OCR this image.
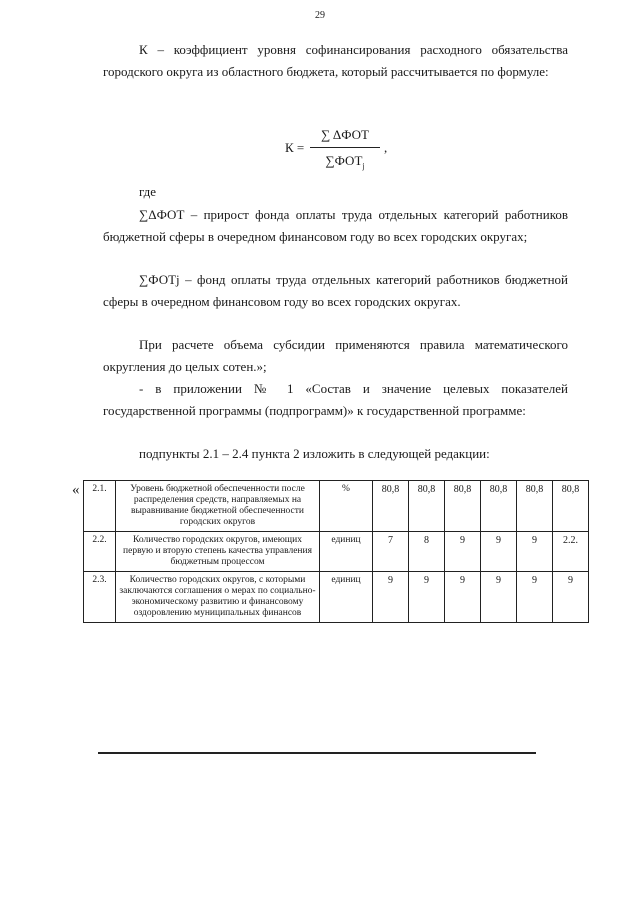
29

К – коэффициент уровня софинансирования расходного обязательства городского округа из областного бюджета, который рассчитывается по формуле:

К =
∑ ΔФОТ
$\sum ФОТ_j$
,

где

∑ΔФОТ – прирост фонда оплаты труда отдельных категорий работников бюджетной сферы в очередном финансовом году во всех городских округах;

∑ФОТj – фонд оплаты труда отдельных категорий работников бюджетной сферы в очередном финансовом году во всех городских округах.

При расчете объема субсидии применяются правила математического округления до целых сотен.»;

- в приложении № 1 «Состав и значение целевых показателей государственной программы (подпрограмм)» к государственной программе:

подпункты 2.1 – 2.4 пункта 2 изложить в следующей редакции:

« 2.1.	Уровень бюджетной обеспеченности после распределения средств, направляемых на выравнивание бюджетной обеспеченности городских округов	%	80,8	80,8	80,8	80,8	80,8	80,8
2.2.	Количество городских округов, имеющих первую и вторую степень качества управления бюджетным процессом	единиц	7	8	9	9	9	2.2.
2.3.	Количество городских округов, с которыми заключаются соглашения о мерах по социально-экономическому развитию и финансовому оздоровлению муниципальных финансов	единиц	9	9	9	9	9	9
